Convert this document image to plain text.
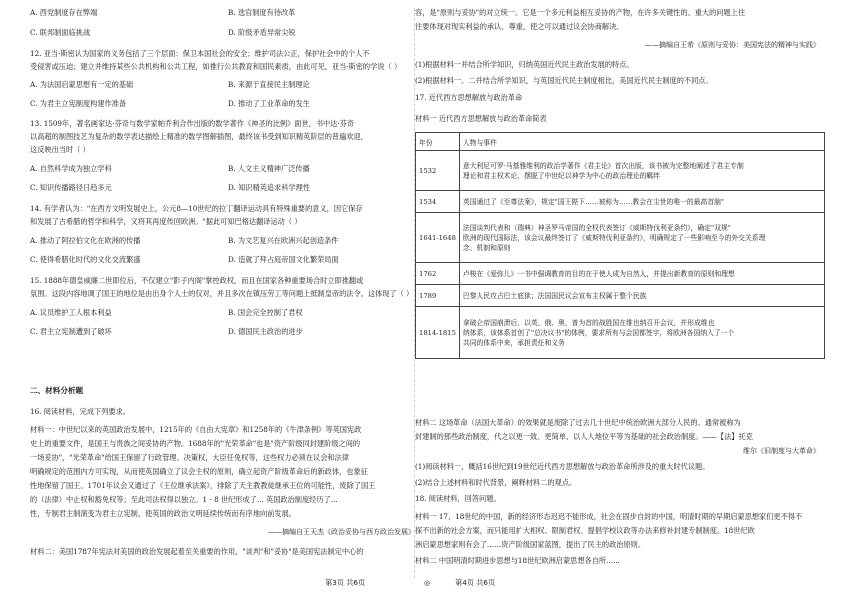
A. 西党制度存在弊端	B. 选官制度有待改革
C. 联邦制面临挑战	D. 阶级矛盾异常尖锐
12. 亚当·斯密认为国家的义务包括了三个层面：保卫本国社会的安全；维护司法公正，保护社会中的个人不
受侵害或压迫；建立并维持某些公共机构和公共工程，如推行公共教育和国民素质，由此可见，亚当·斯密的学说（ ）
A. 为法国启蒙思想有一定的基础	B. 来源于直接民主制理论
C. 为君主立宪制度构建作准备	D. 推动了工业革命的发生
13. 1509年，著名画家达·芬奇与数学家帕乔利合作出版的数学著作《神圣的比例》面世，书中达·芬奇
以高超的制图技艺为复杂的数学表达描绘上精准的数学图解插图，最终该书受到知识精英阶层的普遍欢迎，
这反映出当时（ ）
A. 自然科学成为独立学科	B. 人文主义精神广泛传播
C. 知识传播路径日趋多元	D. 知识精英追求科学理性
14. 有学者认为："在西方文明发展史上，公元8—10世纪的拉丁翻译运动具有特殊重要的意义，因它保存
和发展了古希腊的哲学和科学，又将其再度传回欧洲。"据此可知巴格达翻译运动（ ）
A. 推动了阿拉伯文化在欧洲的传播	B. 为文艺复兴在欧洲兴起创造条件
C. 使得希腊化时代的文化交流繁盛	D. 造就了拜占庭帝国文化繁荣局面
15. 1888年德皇威廉二世即位后，不仅建立"影子内阁"掌控政权，而且在国家各种重要场合时立即推翻或
氛围。这段内容地调了国王的地位是由出身个人士的仅对，并且多次在镇压劳工等问题上抵制皇帝的法令。这体现了（ ）
A. 议员维护工人根本利益	B. 国会完全控制了君权
C. 君主立宪制遭到了破坏	D. 德国民主政治的进步
二、材料分析题
16. 阅读材料，完成下列要求。
材料一：中世纪以来的英国政治发展中，1215年的《自由大宪章》和1258年的《牛津条例》等英国宪政
史上的重要文件，是国王与贵族之间妥协的产物。1688年的"光荣革命"也是"资产阶级同封建阶级之间的
一场妥协"，"光荣革命"给国王保留了行政管理、决策权，大臣任免权等，这些权力必须在议会和法律
明确规定的范围内方可实现，从而使英国确立了议会主权的原则，确立起资产阶级革命后的新政体，也象征
性地保留了国王。1701年议会又通过了《王位继承法案》，排除了天主教教徒继承王位的可能性，废除了国王
的（法律）中止权和豁免权等；至此司法权得以独立。1 - 8 世纪形成了... 英国政治制度经历了...
性，专制君主制演变为君主立宪制，使英国的政治文明延续传统而有序地向前发展。
——摘编自王天杰《政治妥协与西方政治发展》
材料二：美国1787年宪法对美国的政治发展起着至关重要的作用，"谈判"和"妥协"是美国宪法制定中心的
容，是"原则与妥协"的对立统一。它是一个多元利益相互妥协的产物，在许多关键性的、重大的问题上往
往要体现对现实利益的承认、尊重，使之可以通过议会协商解决。
——摘编自王希《原则与妥协：美国宪法的精神与实践》
(1)根据材料一并结合所学知识，归纳英国近代民主政治发展的特点。
(2)根据材料一、二并结合所学知识，与英国近代民主制度相比，美国近代民主制度的不同点。
17. 近代西方思想解放与政治革命
材料一 近代西方思想解放与政治革命简表
年份	人物与事件
1532	意大利尼可罗·马基雅维利的政治学著作《君主论》首次出版，该书被为完整地阐述了君主专制
理论和君主权术论，摆脱了中世纪以神学为中心的政治理论的羁绊

1534	英国通过了《至尊法案》，规定"国王陛下……被称为……教会在尘世的唯一的最高首脑"

1641-1648	法国谈判代表和（瑞典）神圣罗马帝国的全权代表签订《威斯特伐利亚条约》，确定"双规"
欧洲的现代国际法，该会议最终签订了《威斯特伐利亚条约》，明确规定了一些影响至今的外交关系理
念、机制和原则

1762	卢梭在《爱弥儿》一书中强调教育的目的在于使人成为自然人，并提出新教育的原则和理想

1789	巴黎人民攻占巴士底狱；法国国民议会宣布主权属于整个民族

1814-1815	拿破仑帝国崩溃后，以英、俄、奥、普为首的战胜国在维也纳召开会议，并形成维也
纳体系，该体系首创了"总决议书"的体例，要求所有与会国都签字，将欧洲各国纳入了一个
共同的体系中来，承担责任和义务
材料二 这场革命（法国大革命）的效果就是废除了过去几十世纪中统治欧洲大部分人民的、通常被称为
封建制的那些政治制度，代之以更一致、更简单、以人人地位平等为基础的社会政治制度。——【法】托克
维尔《旧制度与大革命》
(1)阅读材料一，概括16世纪到19世纪近代西方思想解放与政治革命所涉及的重大时代议题。
(2)结合上述材料和时代背景，阐释材料二的观点。
18. 阅读材料，回答问题。
材料一 17、18世纪的中国，新的经济形态迟迟不能形成，社会在固步自封的中国，明清时期的早期启蒙思想家们更不得不
探不出新的社会方案，而只能用扩大相权、限制君权、提倡学校议政等办法来修补封建专制制度。18世纪欧
洲启蒙思想家则有会了……资产阶级国家蓝图，提出了民主的政治原则。
材料二 中国明清时期进步思想与18世纪欧洲启蒙思想各自所......
第3页 共6页	◎	第4页 共6页
